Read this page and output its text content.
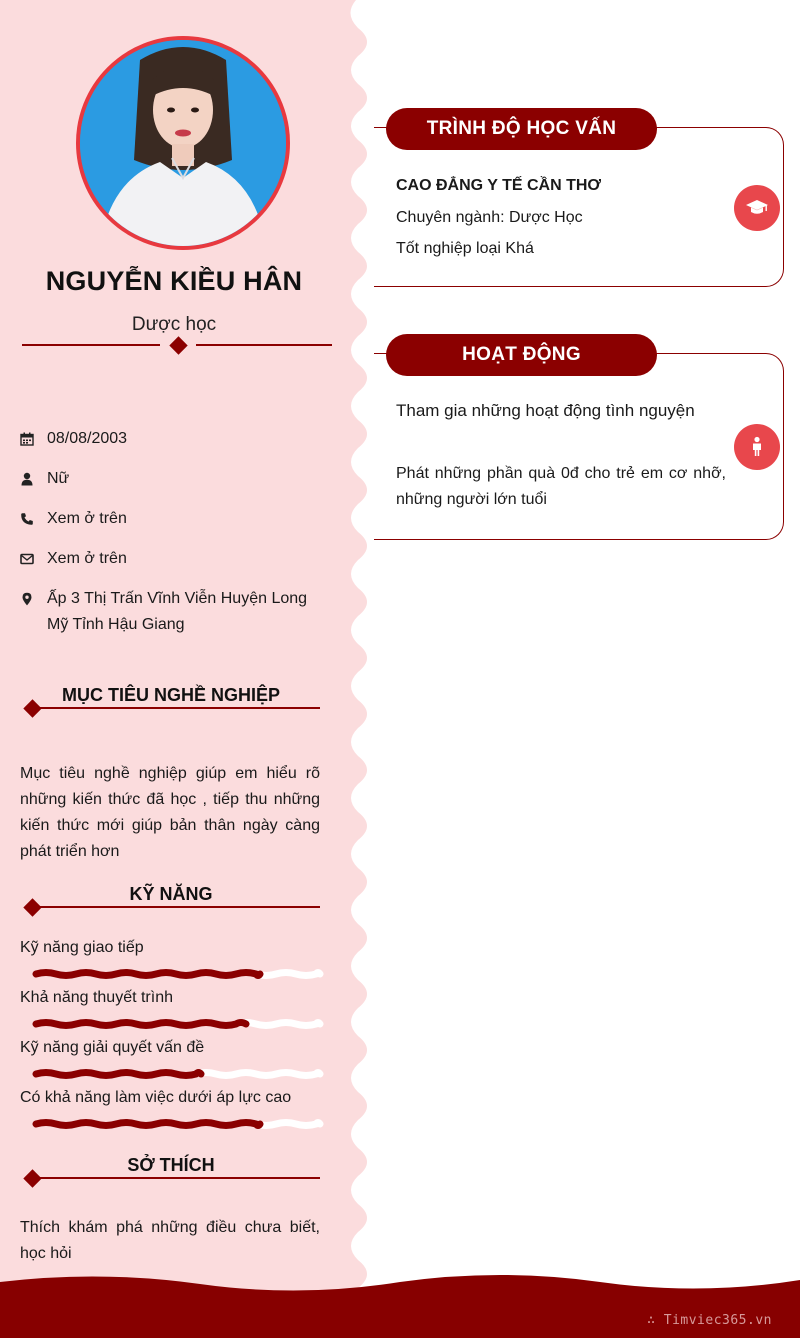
NGUYỄN KIỀU HÂN
Dược học
08/08/2003
Nữ
Xem ở trên
Xem ở trên
Ấp 3 Thị Trấn Vĩnh Viễn Huyện Long Mỹ Tỉnh Hậu Giang
MỤC TIÊU NGHỀ NGHIỆP
Mục tiêu nghề nghiệp giúp em hiểu rõ những kiến thức đã học , tiếp thu những kiến thức mới giúp bản thân ngày càng phát triển hơn
KỸ NĂNG
Kỹ năng giao tiếp
Khả năng thuyết trình
Kỹ năng giải quyết vấn đề
Có khả năng làm việc dưới áp lực cao
SỞ THÍCH
Thích khám phá những điều chưa biết, học hỏi
TRÌNH ĐỘ HỌC VẤN
CAO ĐẲNG Y TẾ CẦN THƠ
Chuyên ngành: Dược Học
Tốt nghiệp loại Khá
HOẠT ĐỘNG
Tham gia những hoạt động tình nguyện
Phát những phần quà 0đ cho trẻ em cơ nhỡ, những người lớn tuổi
∴ Timviec365.vn
